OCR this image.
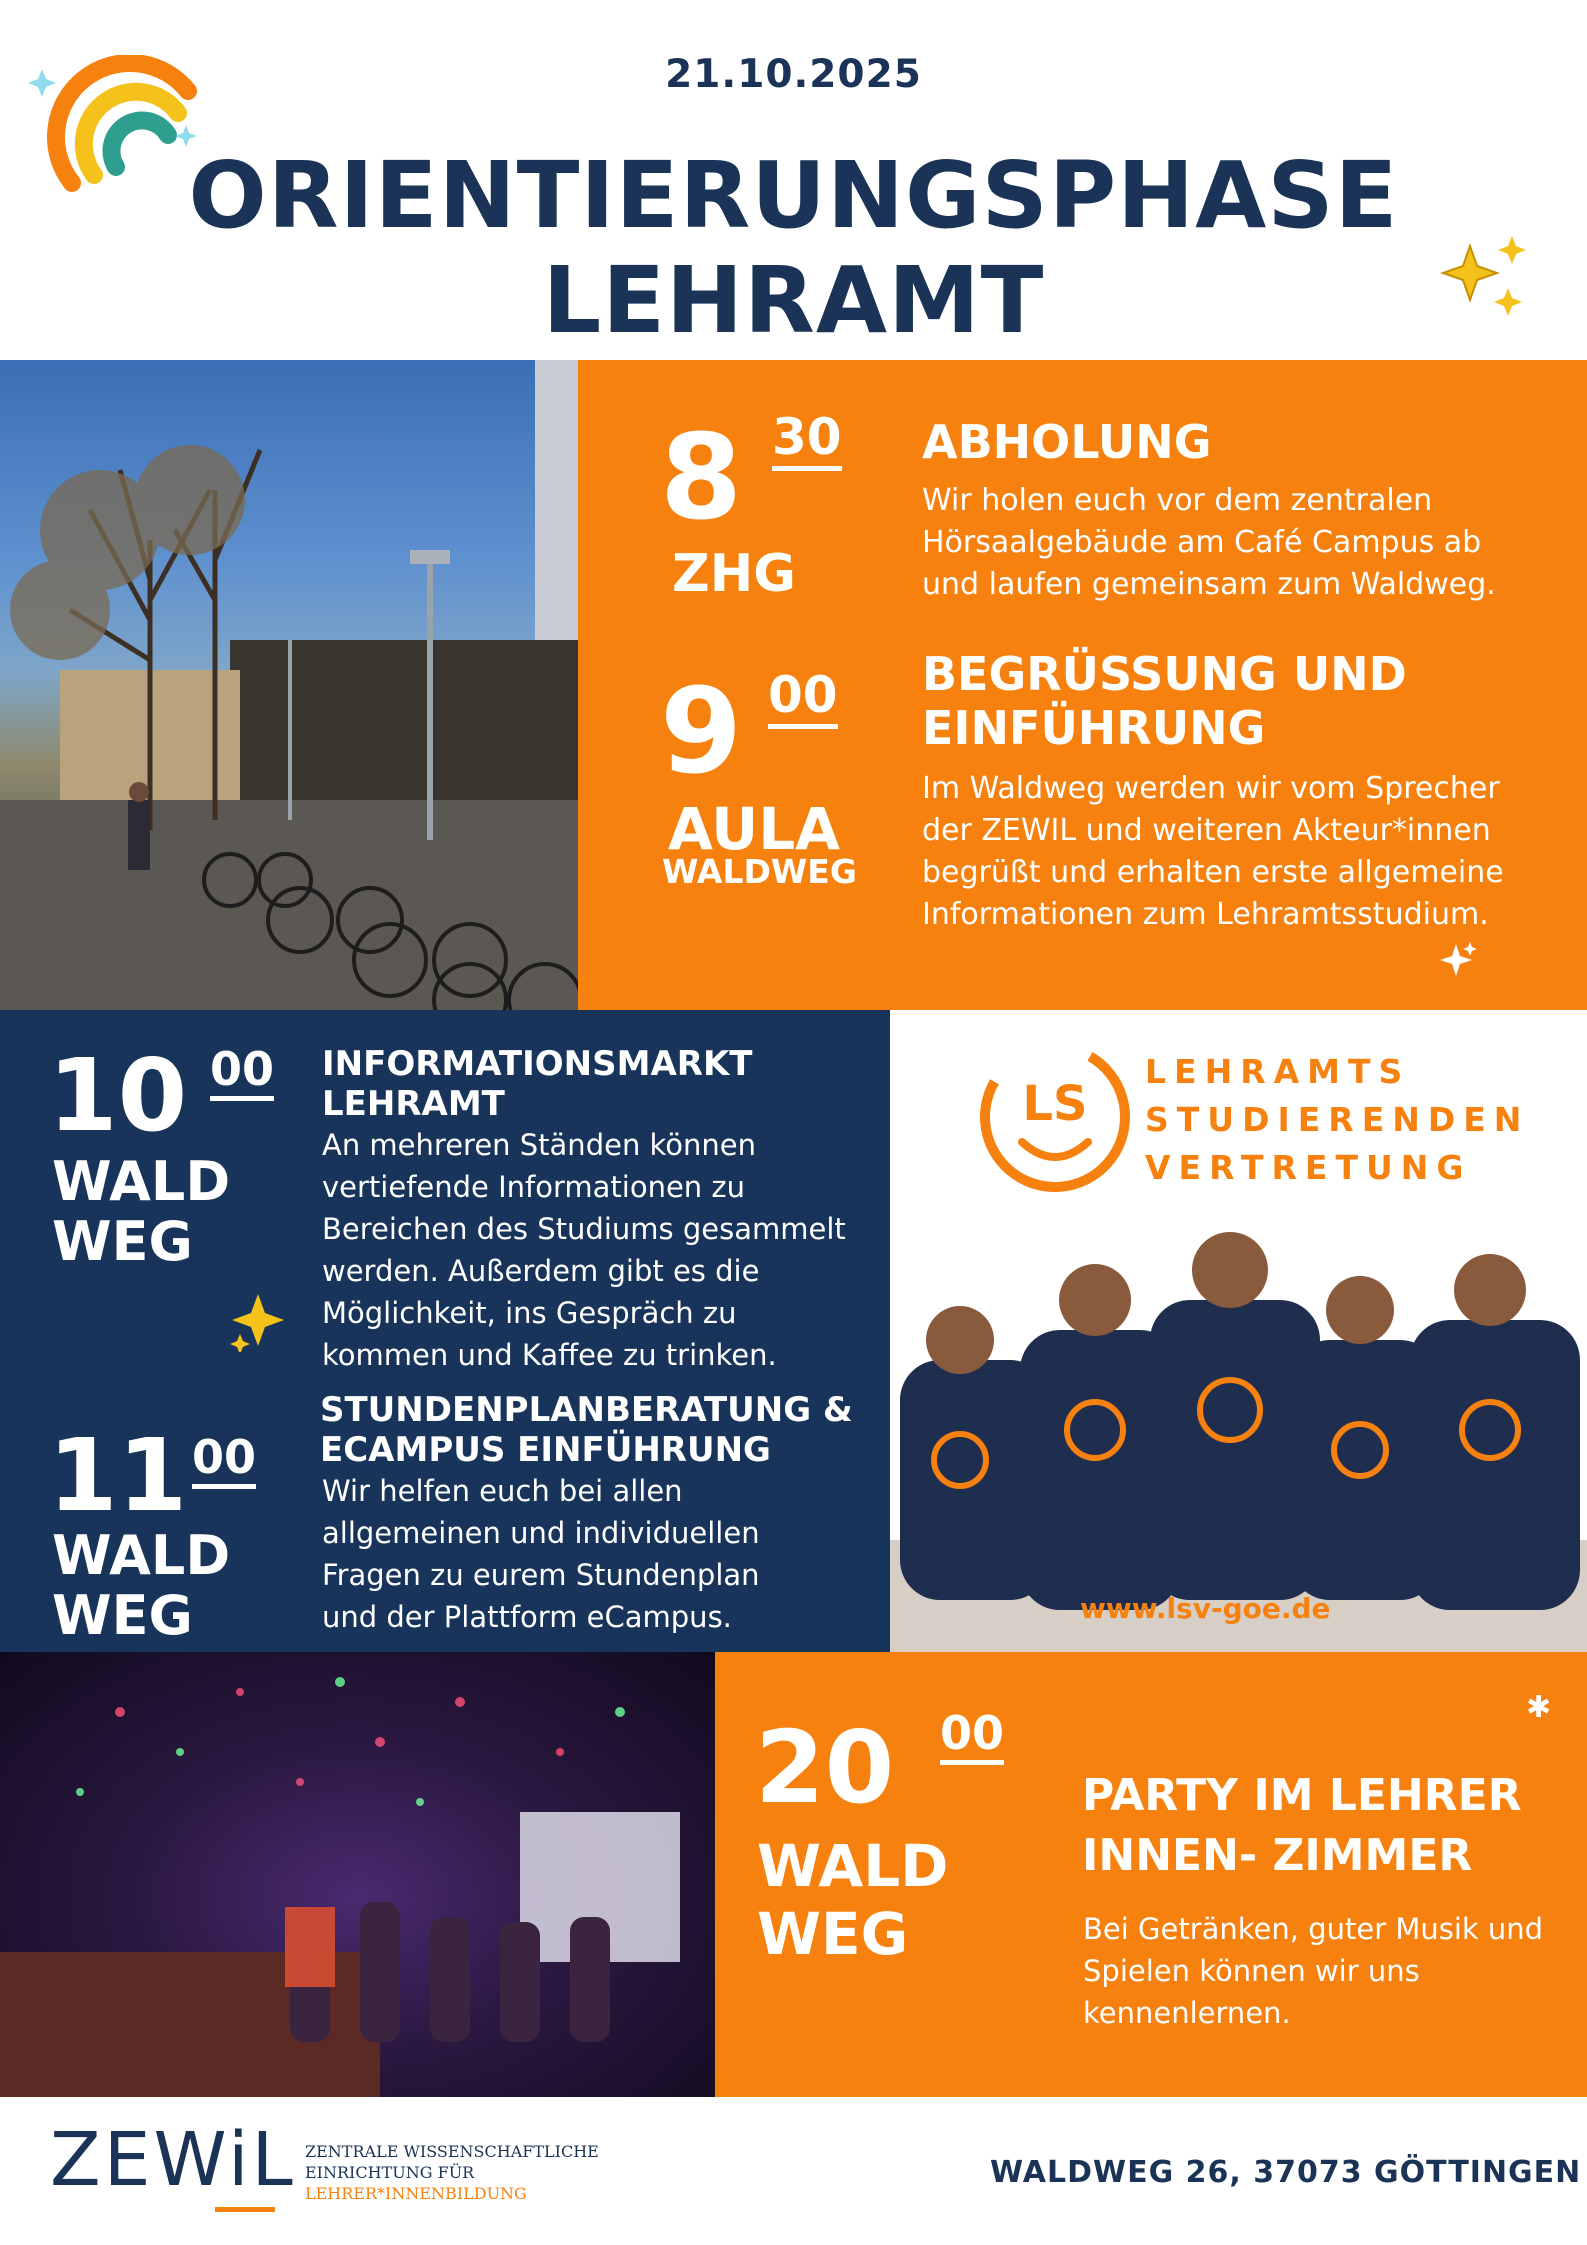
21.10.2025
ORIENTIERUNGSPHASE
LEHRAMT
8 30
ZHG
ABHOLUNG
Wir holen euch vor dem zentralen
Hörsaalgebäude am Café Campus ab
und laufen gemeinsam zum Waldweg.
9 00
AULA
WALDWEG
BEGRÜSSUNG UND
EINFÜHRUNG
Im Waldweg werden wir vom Sprecher
der ZEWIL und weiteren Akteur*innen
begrüßt und erhalten erste allgemeine
Informationen zum Lehramtsstudium.
10 00
WALD
WEG
INFORMATIONSMARKT
LEHRAMT
An mehreren Ständen können
vertiefende Informationen zu
Bereichen des Studiums gesammelt
werden. Außerdem gibt es die
Möglichkeit, ins Gespräch zu
kommen und Kaffee zu trinken.
11 00
WALD
WEG
STUNDENPLANBERATUNG &
ECAMPUS EINFÜHRUNG
Wir helfen euch bei allen
allgemeinen und individuellen
Fragen zu eurem Stundenplan
und der Plattform eCampus.
LS
LEHRAMTS
STUDIERENDEN
VERTRETUNG
www.lsv-goe.de
✱
20 00
WALD
WEG
PARTY IM LEHRER
INNEN- ZIMMER
Bei Getränken, guter Musik und
Spielen können wir uns
kennenlernen.
ZEWiL ZENTRALE WISSENSCHAFTLICHE
EINRICHTUNG FÜR
LEHRER*INNENBILDUNG
WALDWEG 26, 37073 GÖTTINGEN
